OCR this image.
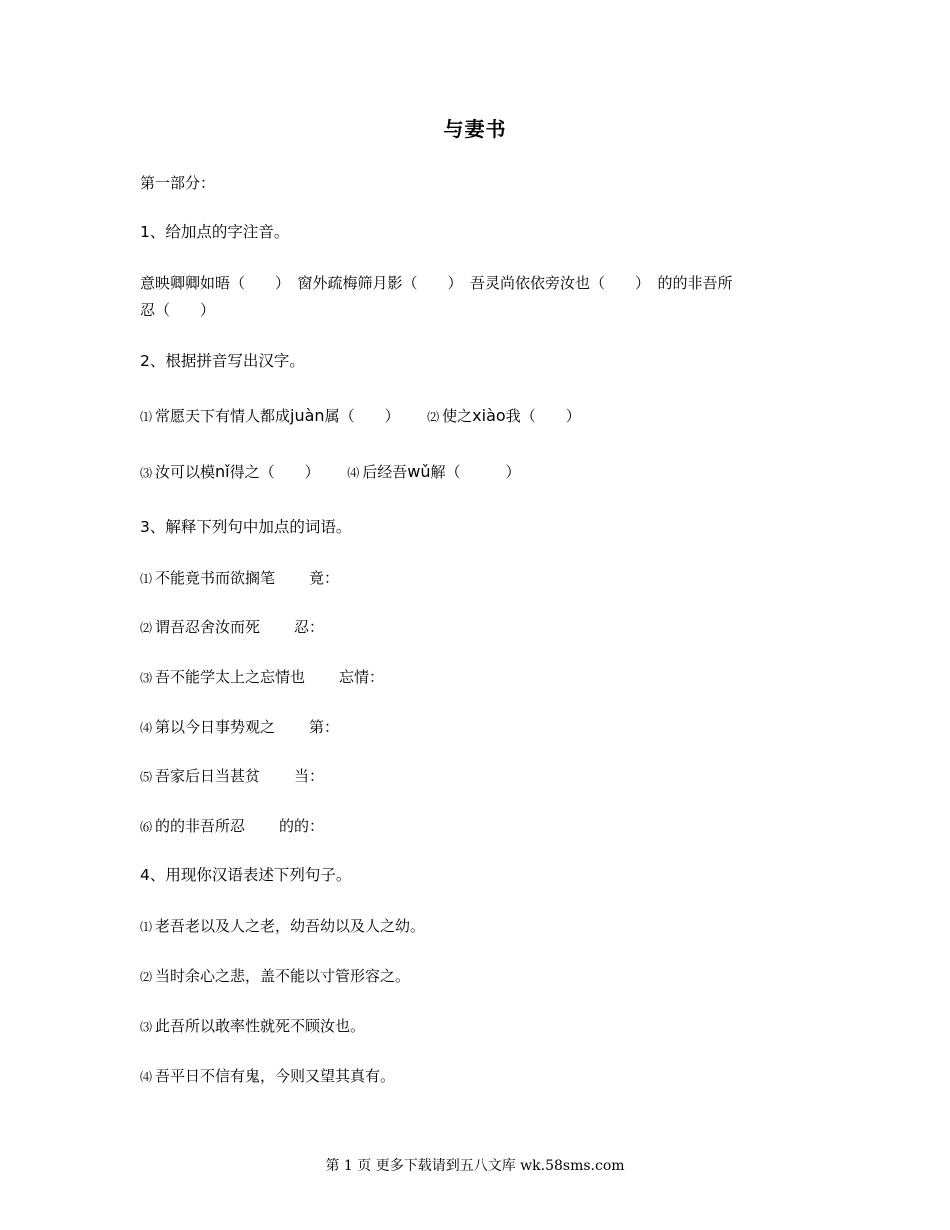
与妻书
第一部分：
1、给加点的字注音。
意映卿卿如晤（　　）　窗外疏梅筛月影（　　）　吾灵尚依依旁汝也（　　）　的的非吾所
忍（　　）
2、根据拼音写出汉字。
⑴ 常愿天下有情人都成juàn属（　　） ⑵ 使之xiào我（　　）
⑶ 汝可以模nǐ得之（　　） ⑷ 后经吾wǔ解（　　　）
3、解释下列句中加点的词语。
⑴ 不能竟书而欲搁笔 竟：
⑵ 谓吾忍舍汝而死 忍：
⑶ 吾不能学太上之忘情也 忘情：
⑷ 第以今日事势观之 第：
⑸ 吾家后日当甚贫 当：
⑹ 的的非吾所忍 的的：
4、用现你汉语表述下列句子。
⑴ 老吾老以及人之老，幼吾幼以及人之幼。
⑵ 当时余心之悲，盖不能以寸管形容之。
⑶ 此吾所以敢率性就死不顾汝也。
⑷ 吾平日不信有鬼，今则又望其真有。
第 1 页 更多下载请到五八文库 wk.58sms.com
